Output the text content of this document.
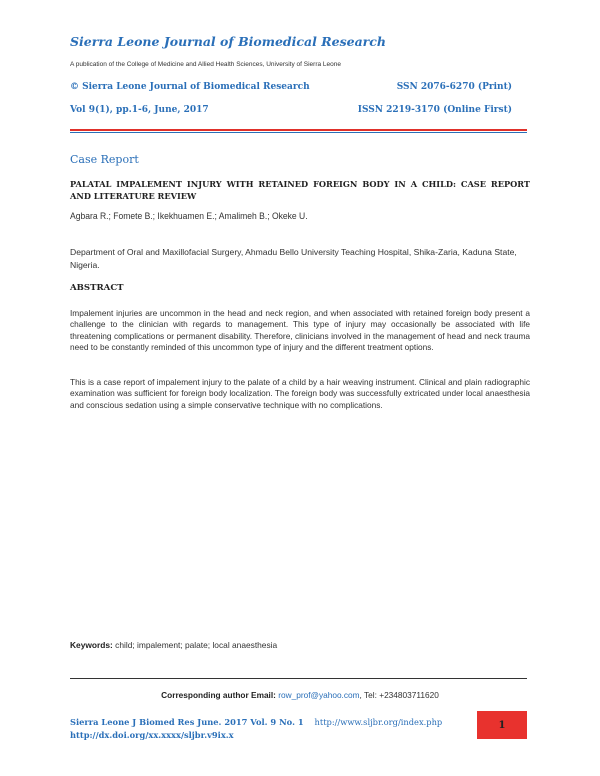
Sierra Leone Journal of Biomedical Research
A publication of the College of Medicine and Allied Health Sciences, University of Sierra Leone
© Sierra Leone Journal of Biomedical Research	SSN 2076-6270 (Print)
Vol 9(1), pp.1-6, June, 2017	ISSN 2219-3170 (Online First)
Case Report
PALATAL IMPALEMENT INJURY WITH RETAINED FOREIGN BODY IN A CHILD: CASE REPORT AND LITERATURE REVIEW
Agbara R.; Fomete B.; Ikekhuamen E.; Amalimeh B.; Okeke U.
Department of Oral and Maxillofacial Surgery, Ahmadu Bello University Teaching Hospital, Shika-Zaria, Kaduna State, Nigeria.
ABSTRACT
Impalement injuries are uncommon in the head and neck region, and when associated with retained foreign body present a challenge to the clinician with regards to management. This type of injury may occasionally be associated with life threatening complications or permanent disability. Therefore, clinicians involved in the management of head and neck trauma need to be constantly reminded of this uncommon type of injury and the different treatment options.
This is a case report of impalement injury to the palate of a child by a hair weaving instrument. Clinical and plain radiographic examination was sufficient for foreign body localization. The foreign body was successfully extricated under local anaesthesia and conscious sedation using a simple conservative technique with no complications.
Keywords: child; impalement; palate; local anaesthesia
Corresponding author Email: row_prof@yahoo.com, Tel: +234803711620
Sierra Leone J Biomed Res June. 2017 Vol. 9 No. 1 http://www.sljbr.org/index.php
http://dx.doi.org/xx.xxxx/sljbr.v9ix.x
1
